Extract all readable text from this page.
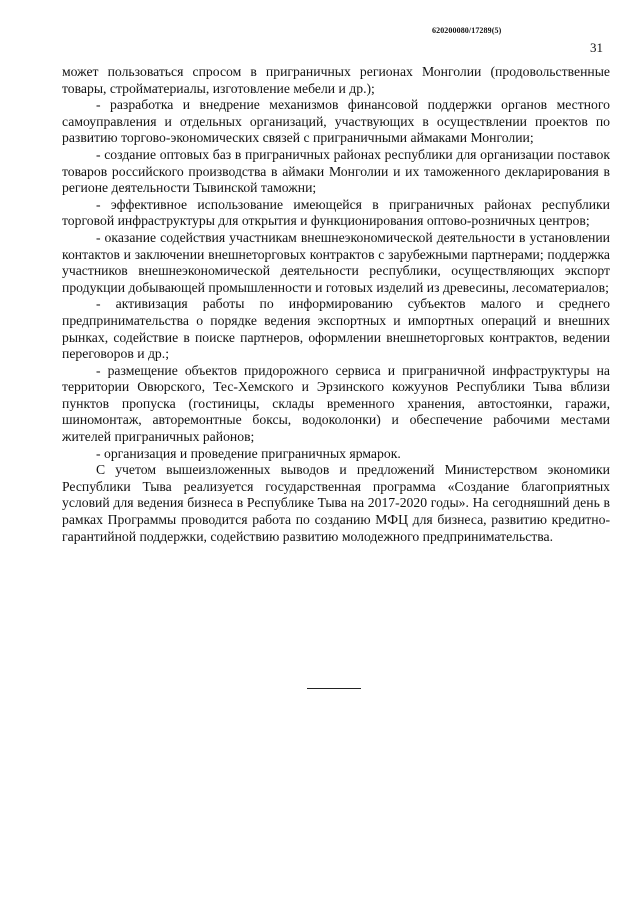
620200080/17289(5)
31

может пользоваться спросом в приграничных регионах Монголии (продовольственные товары, стройматериалы, изготовление мебели и др.);

- разработка и внедрение механизмов финансовой поддержки органов местного самоуправления и отдельных организаций, участвующих в осуществлении проектов по развитию торгово-экономических связей с приграничными аймаками Монголии;

- создание оптовых баз в приграничных районах республики для организации поставок товаров российского производства в аймаки Монголии и их таможенного декларирования в регионе деятельности Тывинской таможни;

- эффективное использование имеющейся в приграничных районах республики торговой инфраструктуры для открытия и функционирования оптово-розничных центров;

- оказание содействия участникам внешнеэкономической деятельности в установлении контактов и заключении внешнеторговых контрактов с зарубежными партнерами; поддержка участников внешнеэкономической деятельности республики, осуществляющих экспорт продукции добывающей промышленности и готовых изделий из древесины, лесоматериалов;

- активизация работы по информированию субъектов малого и среднего предпринимательства о порядке ведения экспортных и импортных операций и внешних рынках, содействие в поиске партнеров, оформлении внешнеторговых контрактов, ведении переговоров и др.;

- размещение объектов придорожного сервиса и приграничной инфраструктуры на территории Овюрского, Тес-Хемского и Эрзинского кожуунов Республики Тыва вблизи пунктов пропуска (гостиницы, склады временного хранения, автостоянки, гаражи, шиномонтаж, авторемонтные боксы, водоколонки) и обеспечение рабочими местами жителей приграничных районов;

- организация и проведение приграничных ярмарок.

С учетом вышеизложенных выводов и предложений Министерством экономики Республики Тыва реализуется государственная программа «Создание благоприятных условий для ведения бизнеса в Республике Тыва на 2017-2020 годы». На сегодняшний день в рамках Программы проводится работа по созданию МФЦ для бизнеса, развитию кредитно-гарантийной поддержки, содействию развитию молодежного предпринимательства.
